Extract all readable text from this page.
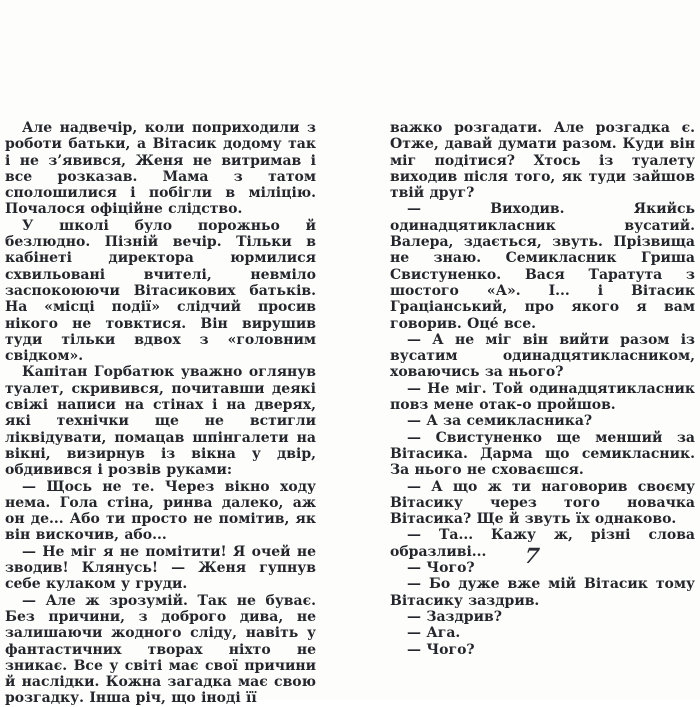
Але надвечір, коли поприходили з роботи батьки, а Вітасик додому так і не з’явився, Женя не витримав і все розказав. Мама з татом сполошилися і побігли в міліцію. Почалося офіційне слідство.

У школі було порожньо й безлюдно. Пізній вечір. Тільки в кабінеті директора юрмилися схвильовані вчителі, невміло заспокоюючи Вітасикових батьків. На «місці події» слідчий просив нікого не товктися. Він вирушив туди тільки вдвох з «головним свідком».

Капітан Горбатюк уважно оглянув туалет, скривився, почитавши деякі свіжі написи на стінах і на дверях, які технічки ще не встигли ліквідувати, помацав шпінгалети на вікні, визирнув із вікна у двір, обдивився і розвів руками:

— Щось не те. Через вікно ходу нема. Гола стіна, ринва далеко, аж он де... Або ти просто не помітив, як він вискочив, або...

— Не міг я не помітити! Я очей не зводив! Клянусь! — Женя гупнув себе кулаком у груди.

— Але ж зрозумій. Так не буває. Без причини, з доброго дива, не залишаючи жодного сліду, навіть у фантастичних творах ніхто не зникає. Все у світі має свої причини й наслідки. Кожна загадка має свою розгадку. Інша річ, що іноді її

важко розгадати. Але розгадка є. Отже, давай думати разом. Куди він міг подітися? Хтось із туалету виходив після того, як туди зайшов твій друг?

— Виходив. Якийсь одинадцятикласник вусатий. Валера, здається, звуть. Прізвища не знаю. Семикласник Гриша Свистуненко. Вася Таратута з шостого «А». І... і Вітасик Граціанський, про якого я вам говорив. Оце́ все.

— А не міг він вийти разом із вусатим одинадцятикласником, ховаючись за нього?

— Не міг. Той одинадцятикласник повз мене отак-о пройшов.

— А за семикласника?

— Свистуненко ще менший за Вітасика. Дарма що семикласник. За нього не сховаєшся.

— А що ж ти наговорив своєму Вітасику через того новачка Вітасика? Ще й звуть їх однаково.

— Та... Кажу ж, різні слова образливі...

— Чого?

— Бо дуже вже мій Вітасик тому Вітасику заздрив.

— Заздрив?

— Ага.

— Чого?

7
